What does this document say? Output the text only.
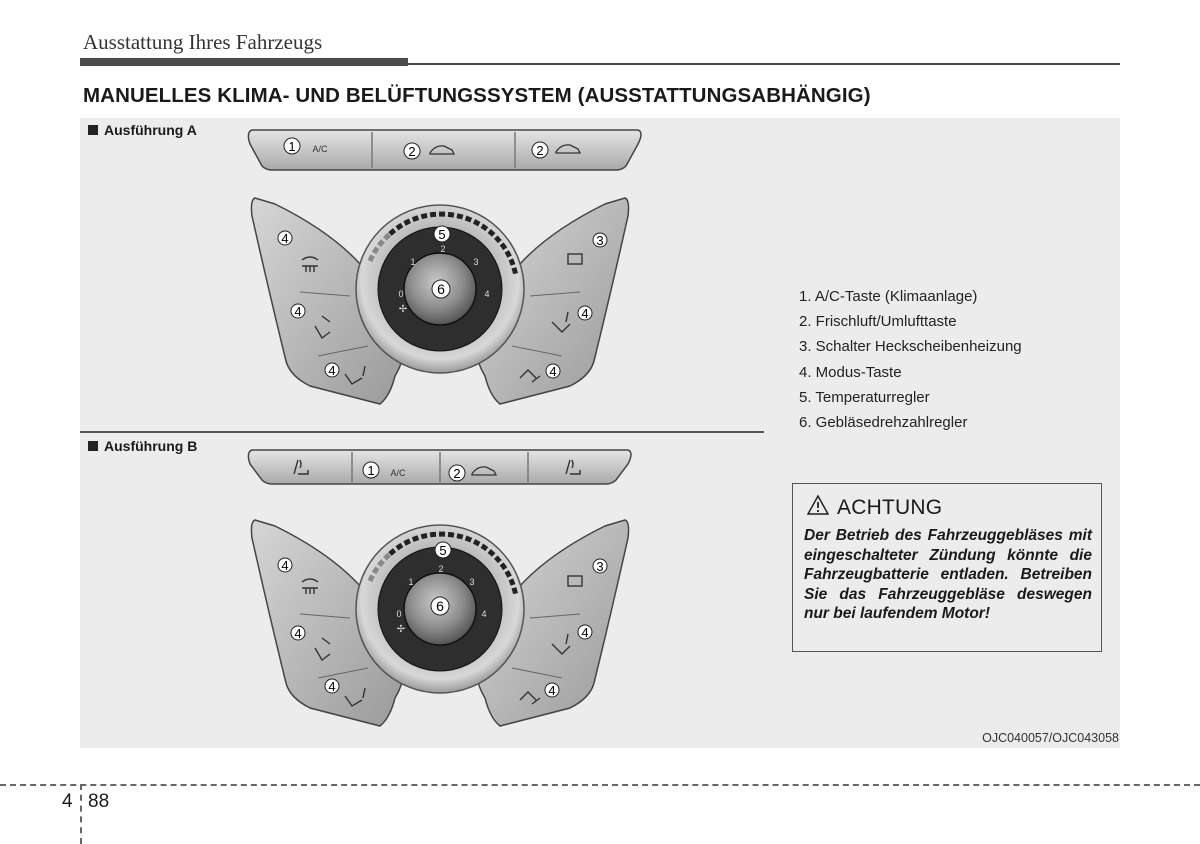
Ausstattung Ihres Fahrzeugs
MANUELLES KLIMA- UND BELÜFTUNGSSYSTEM (AUSSTATTUNGSABHÄNGIG)
Ausführung A
Ausführung B
1 A/C	2	2
4
4
4
3
4
4
0
1
2
3
4
✢
5
6
1 A/C	2
4
4
4
3
4
4
0
1
2
3
4
✢
5
6
1. A/C-Taste (Klimaanlage)
2. Frischluft/Umlufttaste
3. Schalter Heckscheibenheizung
4. Modus-Taste
5. Temperaturregler
6. Gebläsedrehzahlregler
ACHTUNG
Der Betrieb des Fahrzeuggebläses mit eingeschalteter Zündung könnte die Fahrzeugbatterie entladen. Betreiben Sie das Fahrzeuggebläse deswegen nur bei laufendem Motor!
OJC040057/OJC043058
4 88
